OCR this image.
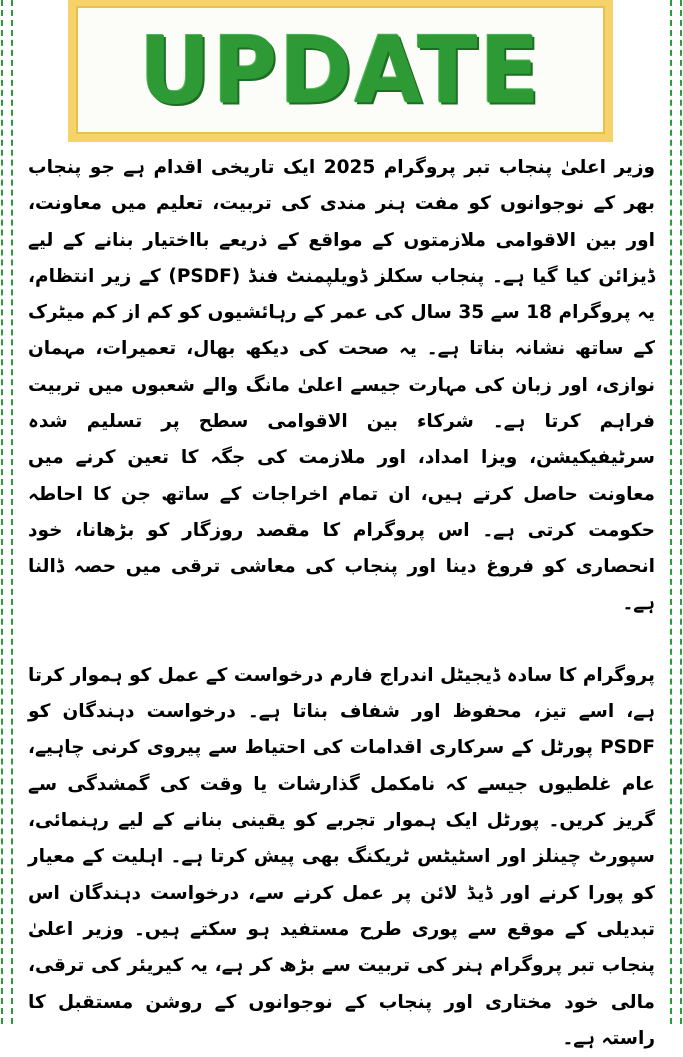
UPDATE

وزیر اعلیٰ پنجاب تبر پروگرام 2025 ایک تاریخی اقدام ہے جو پنجاب بھر کے نوجوانوں کو مفت ہنر مندی کی تربیت، تعلیم میں معاونت، اور بین الاقوامی ملازمتوں کے مواقع کے ذریعے بااختیار بنانے کے لیے ڈیزائن کیا گیا ہے۔ پنجاب سکلز ڈویلپمنٹ فنڈ (PSDF) کے زیر انتظام، یہ پروگرام 18 سے 35 سال کی عمر کے رہائشیوں کو کم از کم میٹرک کے ساتھ نشانہ بناتا ہے۔ یہ صحت کی دیکھ بھال، تعمیرات، مہمان نوازی، اور زبان کی مہارت جیسے اعلیٰ مانگ والے شعبوں میں تربیت فراہم کرتا ہے۔ شرکاء بین الاقوامی سطح پر تسلیم شدہ سرٹیفیکیشن، ویزا امداد، اور ملازمت کی جگہ کا تعین کرنے میں معاونت حاصل کرتے ہیں، ان تمام اخراجات کے ساتھ جن کا احاطہ حکومت کرتی ہے۔ اس پروگرام کا مقصد روزگار کو بڑھانا، خود انحصاری کو فروغ دینا اور پنجاب کی معاشی ترقی میں حصہ ڈالنا ہے۔

پروگرام کا سادہ ڈیجیٹل اندراج فارم درخواست کے عمل کو ہموار کرتا ہے، اسے تیز، محفوظ اور شفاف بناتا ہے۔ درخواست دہندگان کو PSDF پورٹل کے سرکاری اقدامات کی احتیاط سے پیروی کرنی چاہیے، عام غلطیوں جیسے کہ نامکمل گذارشات یا وقت کی گمشدگی سے گریز کریں۔ پورٹل ایک ہموار تجربے کو یقینی بنانے کے لیے رہنمائی، سپورٹ چینلز اور اسٹیٹس ٹریکنگ بھی پیش کرتا ہے۔ اہلیت کے معیار کو پورا کرنے اور ڈیڈ لائن پر عمل کرنے سے، درخواست دہندگان اس تبدیلی کے موقع سے پوری طرح مستفید ہو سکتے ہیں۔ وزیر اعلیٰ پنجاب تبر پروگرام ہنر کی تربیت سے بڑھ کر ہے، یہ کیریئر کی ترقی، مالی خود مختاری اور پنجاب کے نوجوانوں کے روشن مستقبل کا راستہ ہے۔
